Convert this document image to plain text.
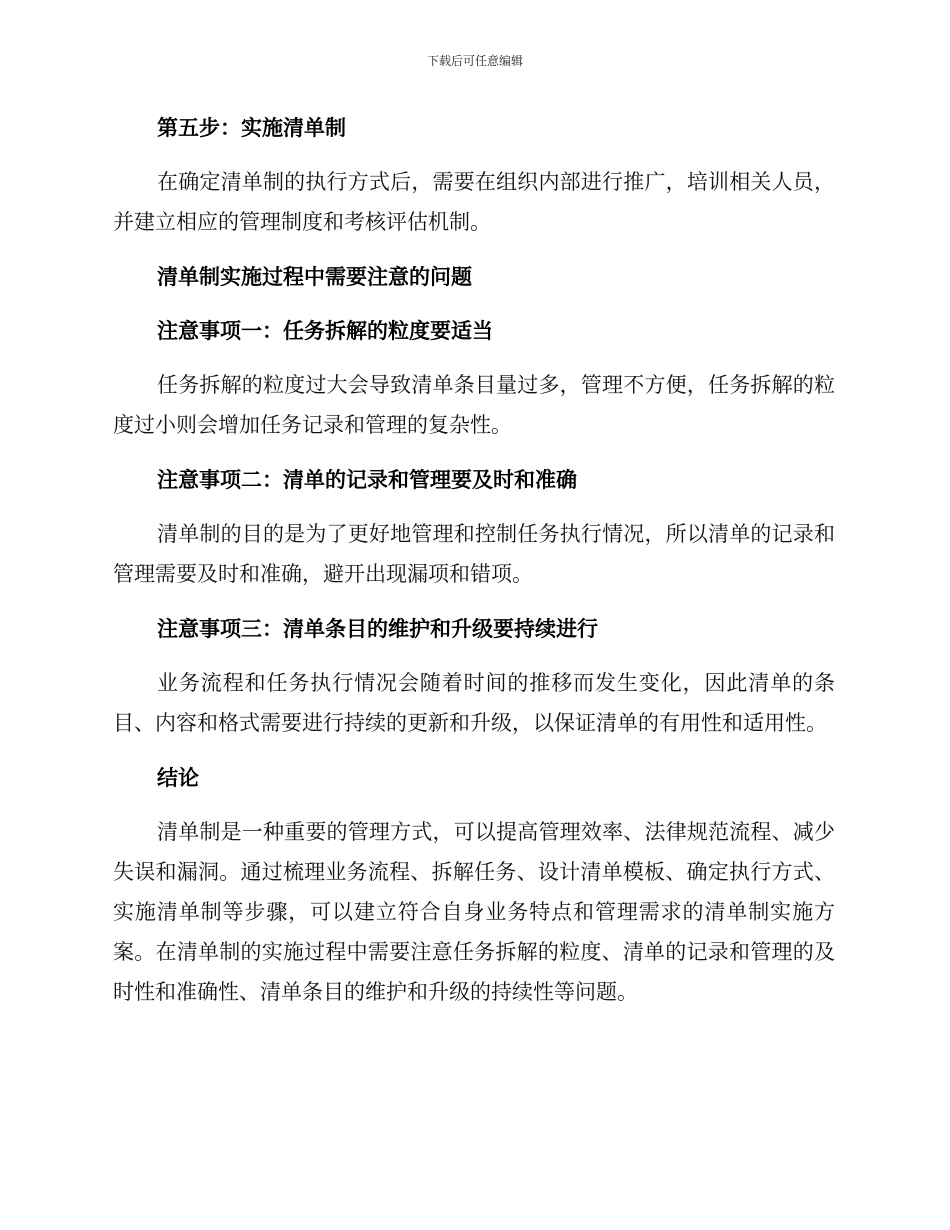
下载后可任意编辑
第五步：实施清单制

在确定清单制的执行方式后，需要在组织内部进行推广，培训相关人员，并建立相应的管理制度和考核评估机制。

清单制实施过程中需要注意的问题
注意事项一：任务拆解的粒度要适当

任务拆解的粒度过大会导致清单条目量过多，管理不方便，任务拆解的粒度过小则会增加任务记录和管理的复杂性。

注意事项二：清单的记录和管理要及时和准确

清单制的目的是为了更好地管理和控制任务执行情况，所以清单的记录和管理需要及时和准确，避开出现漏项和错项。

注意事项三：清单条目的维护和升级要持续进行

业务流程和任务执行情况会随着时间的推移而发生变化，因此清单的条目、内容和格式需要进行持续的更新和升级，以保证清单的有用性和适用性。

结论

清单制是一种重要的管理方式，可以提高管理效率、法律规范流程、减少失误和漏洞。通过梳理业务流程、拆解任务、设计清单模板、确定执行方式、实施清单制等步骤，可以建立符合自身业务特点和管理需求的清单制实施方案。在清单制的实施过程中需要注意任务拆解的粒度、清单的记录和管理的及时性和准确性、清单条目的维护和升级的持续性等问题。
